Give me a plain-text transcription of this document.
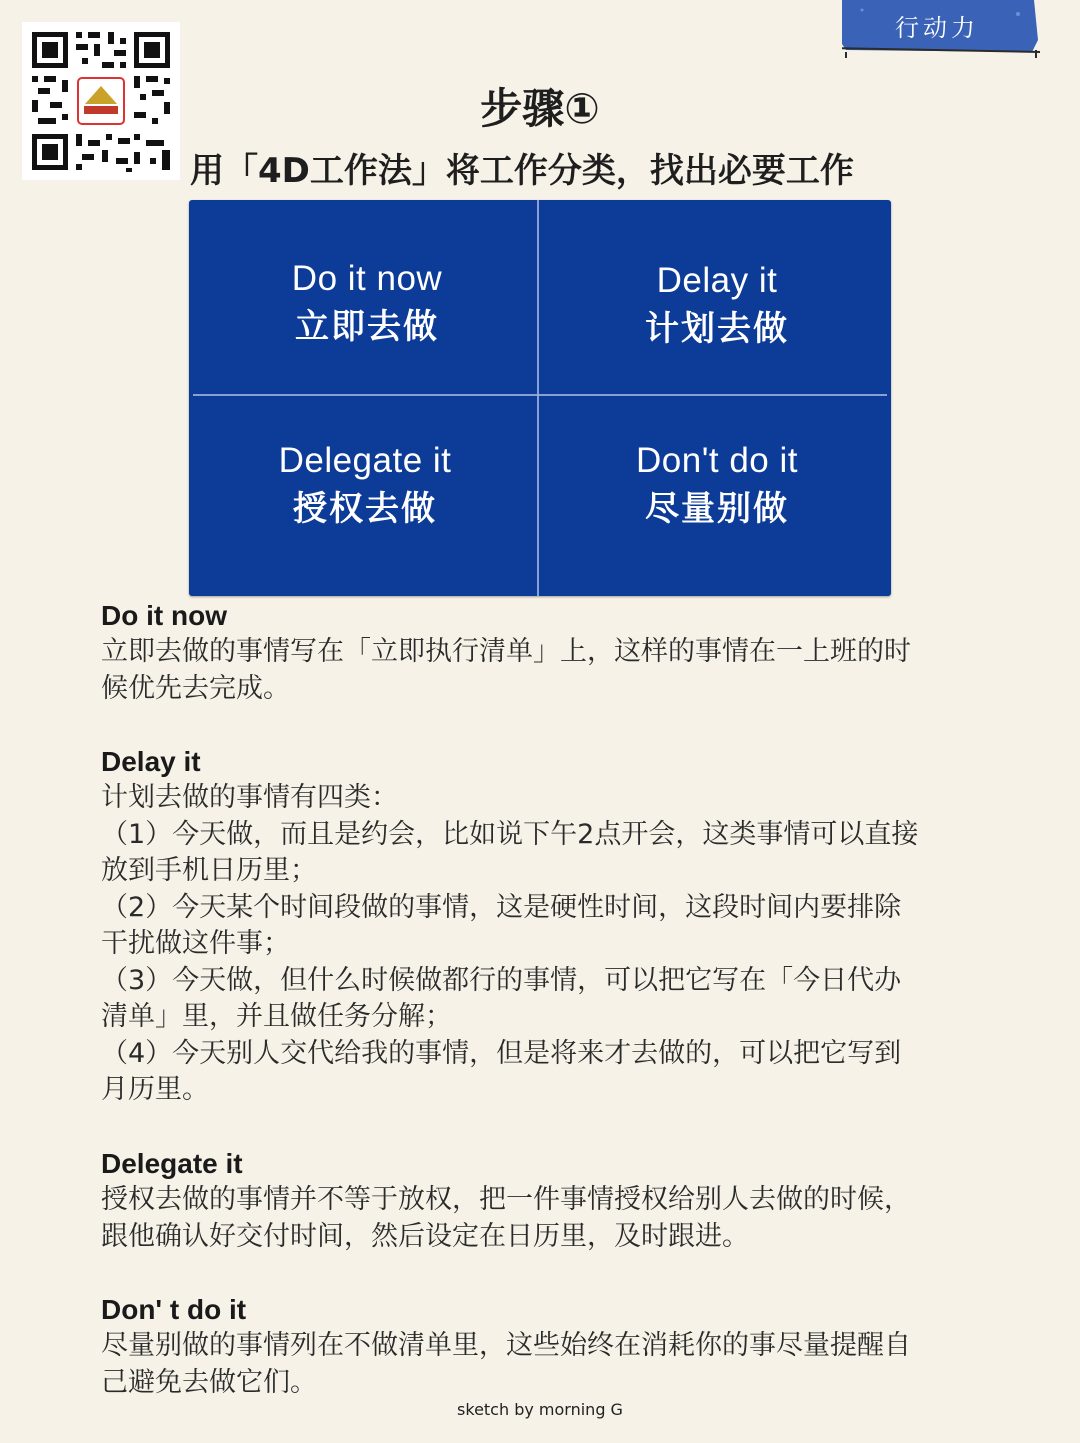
行动力
步骤①
用「4D工作法」将工作分类，找出必要工作
Do it now
立即去做
Delay it
计划去做
Delegate it
授权去做
Don't do it
尽量别做
Do it now

立即去做的事情写在「立即执行清单」上，这样的事情在一上班的时

候优先去完成。

Delay it

计划去做的事情有四类：

（1）今天做，而且是约会，比如说下午2点开会，这类事情可以直接

放到手机日历里；

（2）今天某个时间段做的事情，这是硬性时间，这段时间内要排除

干扰做这件事；

（3）今天做，但什么时候做都行的事情，可以把它写在「今日代办

清单」里，并且做任务分解；

（4）今天别人交代给我的事情，但是将来才去做的，可以把它写到

月历里。

Delegate it

授权去做的事情并不等于放权，把一件事情授权给别人去做的时候，

跟他确认好交付时间，然后设定在日历里，及时跟进。

Don' t do it

尽量别做的事情列在不做清单里，这些始终在消耗你的事尽量提醒自

己避免去做它们。

sketch by morning G
